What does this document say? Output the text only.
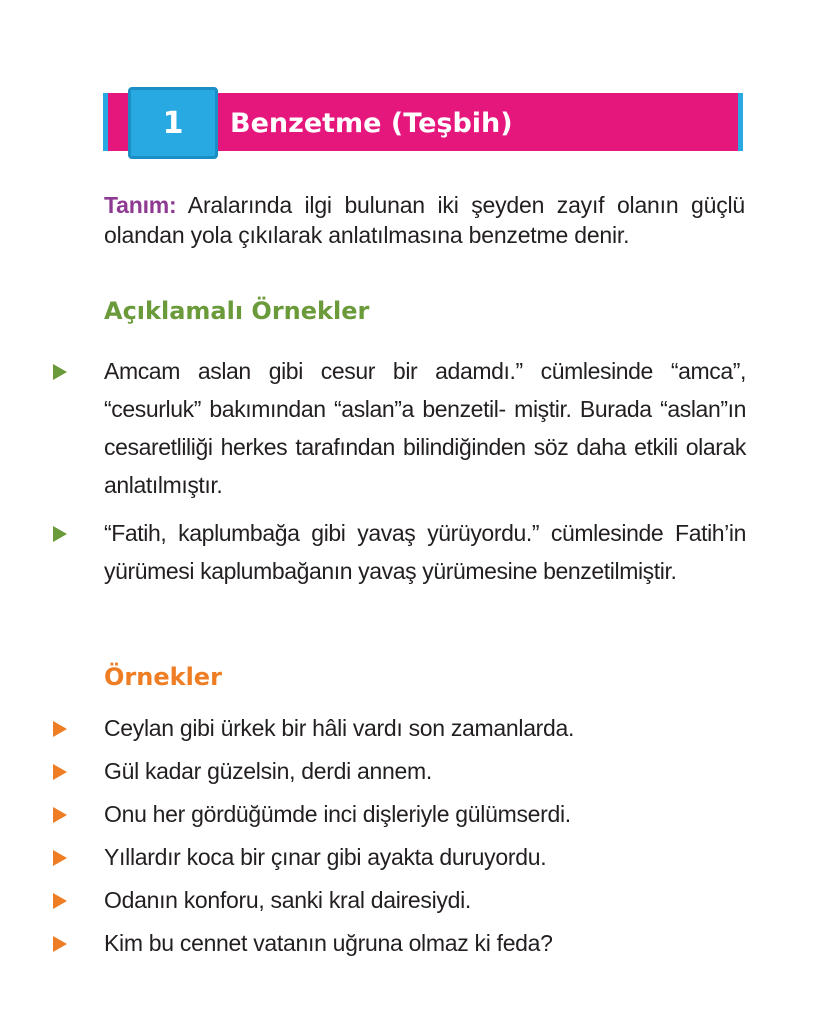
1 Benzetme (Teşbih)

Tanım: Aralarında ilgi bulunan iki şeyden zayıf olanın güçlü olandan yola çıkılarak anlatılmasına benzetme denir.

Açıklamalı Örnekler
Amcam aslan gibi cesur bir adamdı.” cümlesinde “amca”, “cesurluk” bakımından “aslan”a benzetil- miştir. Burada “aslan”ın cesaretliliği herkes tarafından bilindiğinden söz daha etkili olarak anlatılmıştır.
“Fatih, kaplumbağa gibi yavaş yürüyordu.” cümlesinde Fatih’in yürümesi kaplumbağanın yavaş yürümesine benzetilmiştir.
Örnekler
Ceylan gibi ürkek bir hâli vardı son zamanlarda.
Gül kadar güzelsin, derdi annem.
Onu her gördüğümde inci dişleriyle gülümserdi.
Yıllardır koca bir çınar gibi ayakta duruyordu.
Odanın konforu, sanki kral dairesiydi.
Kim bu cennet vatanın uğruna olmaz ki feda?
